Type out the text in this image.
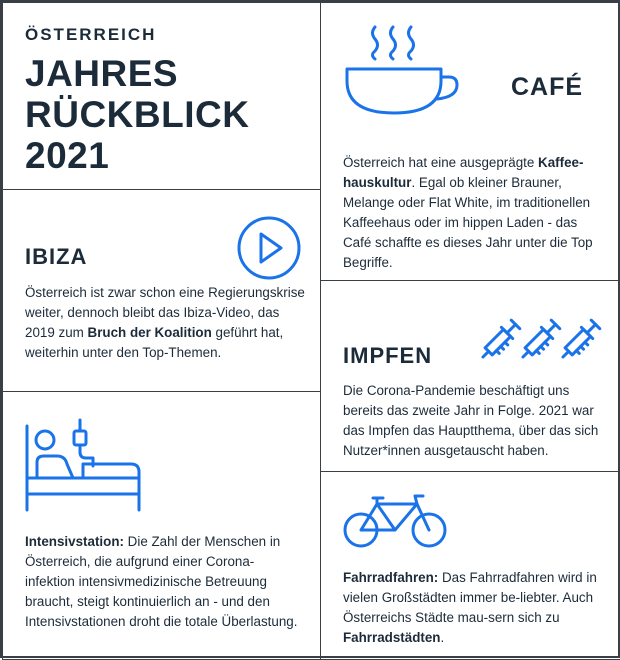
ÖSTERREICH
JAHRES
RÜCKBLICK
2021
IBIZA
Österreich ist zwar schon eine Regierungskrise weiter, dennoch bleibt das Ibiza-Video, das 2019 zum Bruch der Koalition geführt hat, weiterhin unter den Top-Themen.
Intensivstation: Die Zahl der Menschen in Österreich, die aufgrund einer Corona-infektion intensivmedizinische Betreuung braucht, steigt kontinuierlich an - und den Intensivstationen droht die totale Überlastung.
CAFÉ
Österreich hat eine ausgeprägte Kaffee-hauskultur. Egal ob kleiner Brauner, Melange oder Flat White, im traditionellen Kaffeehaus oder im hippen Laden - das Café schaffte es dieses Jahr unter die Top Begriffe.
IMPFEN
Die Corona-Pandemie beschäftigt uns bereits das zweite Jahr in Folge. 2021 war das Impfen das Hauptthema, über das sich Nutzer*innen ausgetauscht haben.
Fahrradfahren: Das Fahrradfahren wird in vielen Großstädten immer be-liebter. Auch Österreichs Städte mau-sern sich zu Fahrradstädten.
